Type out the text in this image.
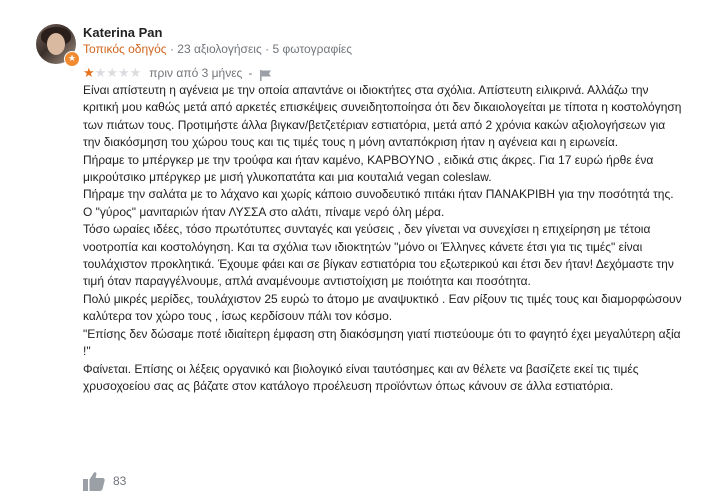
★
Katerina Pan
Τοπικός οδηγός · 23 αξιολογήσεις · 5 φωτογραφίες
★★★★★ πριν από 3 μήνες -

Είναι απίστευτη η αγένεια με την οποία απαντάνε οι ιδιοκτήτες στα σχόλια. Απίστευτη ειλικρινά. Αλλάζω την κριτική μου καθώς μετά από αρκετές επισκέψεις συνειδητοποίησα ότι δεν δικαιολογείται με τίποτα η κοστολόγηση των πιάτων τους. Προτιμήστε άλλα βιγκαν/βετζετέριαν εστιατόρια, μετά από 2 χρόνια κακών αξιολογήσεων για την διακόσμηση του χώρου τους και τις τιμές τους η μόνη ανταπόκριση ήταν η αγένεια και η ειρωνεία.

Πήραμε το μπέργκερ με την τρούφα και ήταν καμένο, ΚΑΡΒΟΥΝΟ , ειδικά στις άκρες. Για 17 ευρώ ήρθε ένα μικρούτσικο μπέργκερ με μισή γλυκοπατάτα και μια κουταλιά vegan coleslaw.

Πήραμε την σαλάτα με το λάχανο και χωρίς κάποιο συνοδευτικό πιτάκι ήταν ΠΑΝΑΚΡΙΒΗ για την ποσότητά της.

Ο "γύρος" μανιταριών ήταν ΛΥΣΣΑ στο αλάτι, πίναμε νερό όλη μέρα.

Τόσο ωραίες ιδέες, τόσο πρωτότυπες συνταγές και γεύσεις , δεν γίνεται να συνεχίσει η επιχείρηση με τέτοια νοοτροπία και κοστολόγηση. Και τα σχόλια των ιδιοκτητών "μόνο οι Έλληνες κάνετε έτσι για τις τιμές" είναι τουλάχιστον προκλητικά. Έχουμε φάει και σε βίγκαν εστιατόρια του εξωτερικού και έτσι δεν ήταν! Δεχόμαστε την τιμή όταν παραγγέλνουμε, απλά αναμένουμε αντιστοίχιση με ποιότητα και ποσότητα.

Πολύ μικρές μερίδες, τουλάχιστον 25 ευρώ το άτομο με αναψυκτικό . Εαν ρίξουν τις τιμές τους και διαμορφώσουν καλύτερα τον χώρο τους , ίσως κερδίσουν πάλι τον κόσμο.

"Επίσης δεν δώσαμε ποτέ ιδιαίτερη έμφαση στη διακόσμηση γιατί πιστεύουμε ότι το φαγητό έχει μεγαλύτερη αξία !"

Φαίνεται. Επίσης οι λέξεις οργανικό και βιολογικό είναι ταυτόσημες και αν θέλετε να βασίζετε εκεί τις τιμές χρυσοχοείου σας ας βάζατε στον κατάλογο προέλευση προϊόντων όπως κάνουν σε άλλα εστιατόρια.

83
